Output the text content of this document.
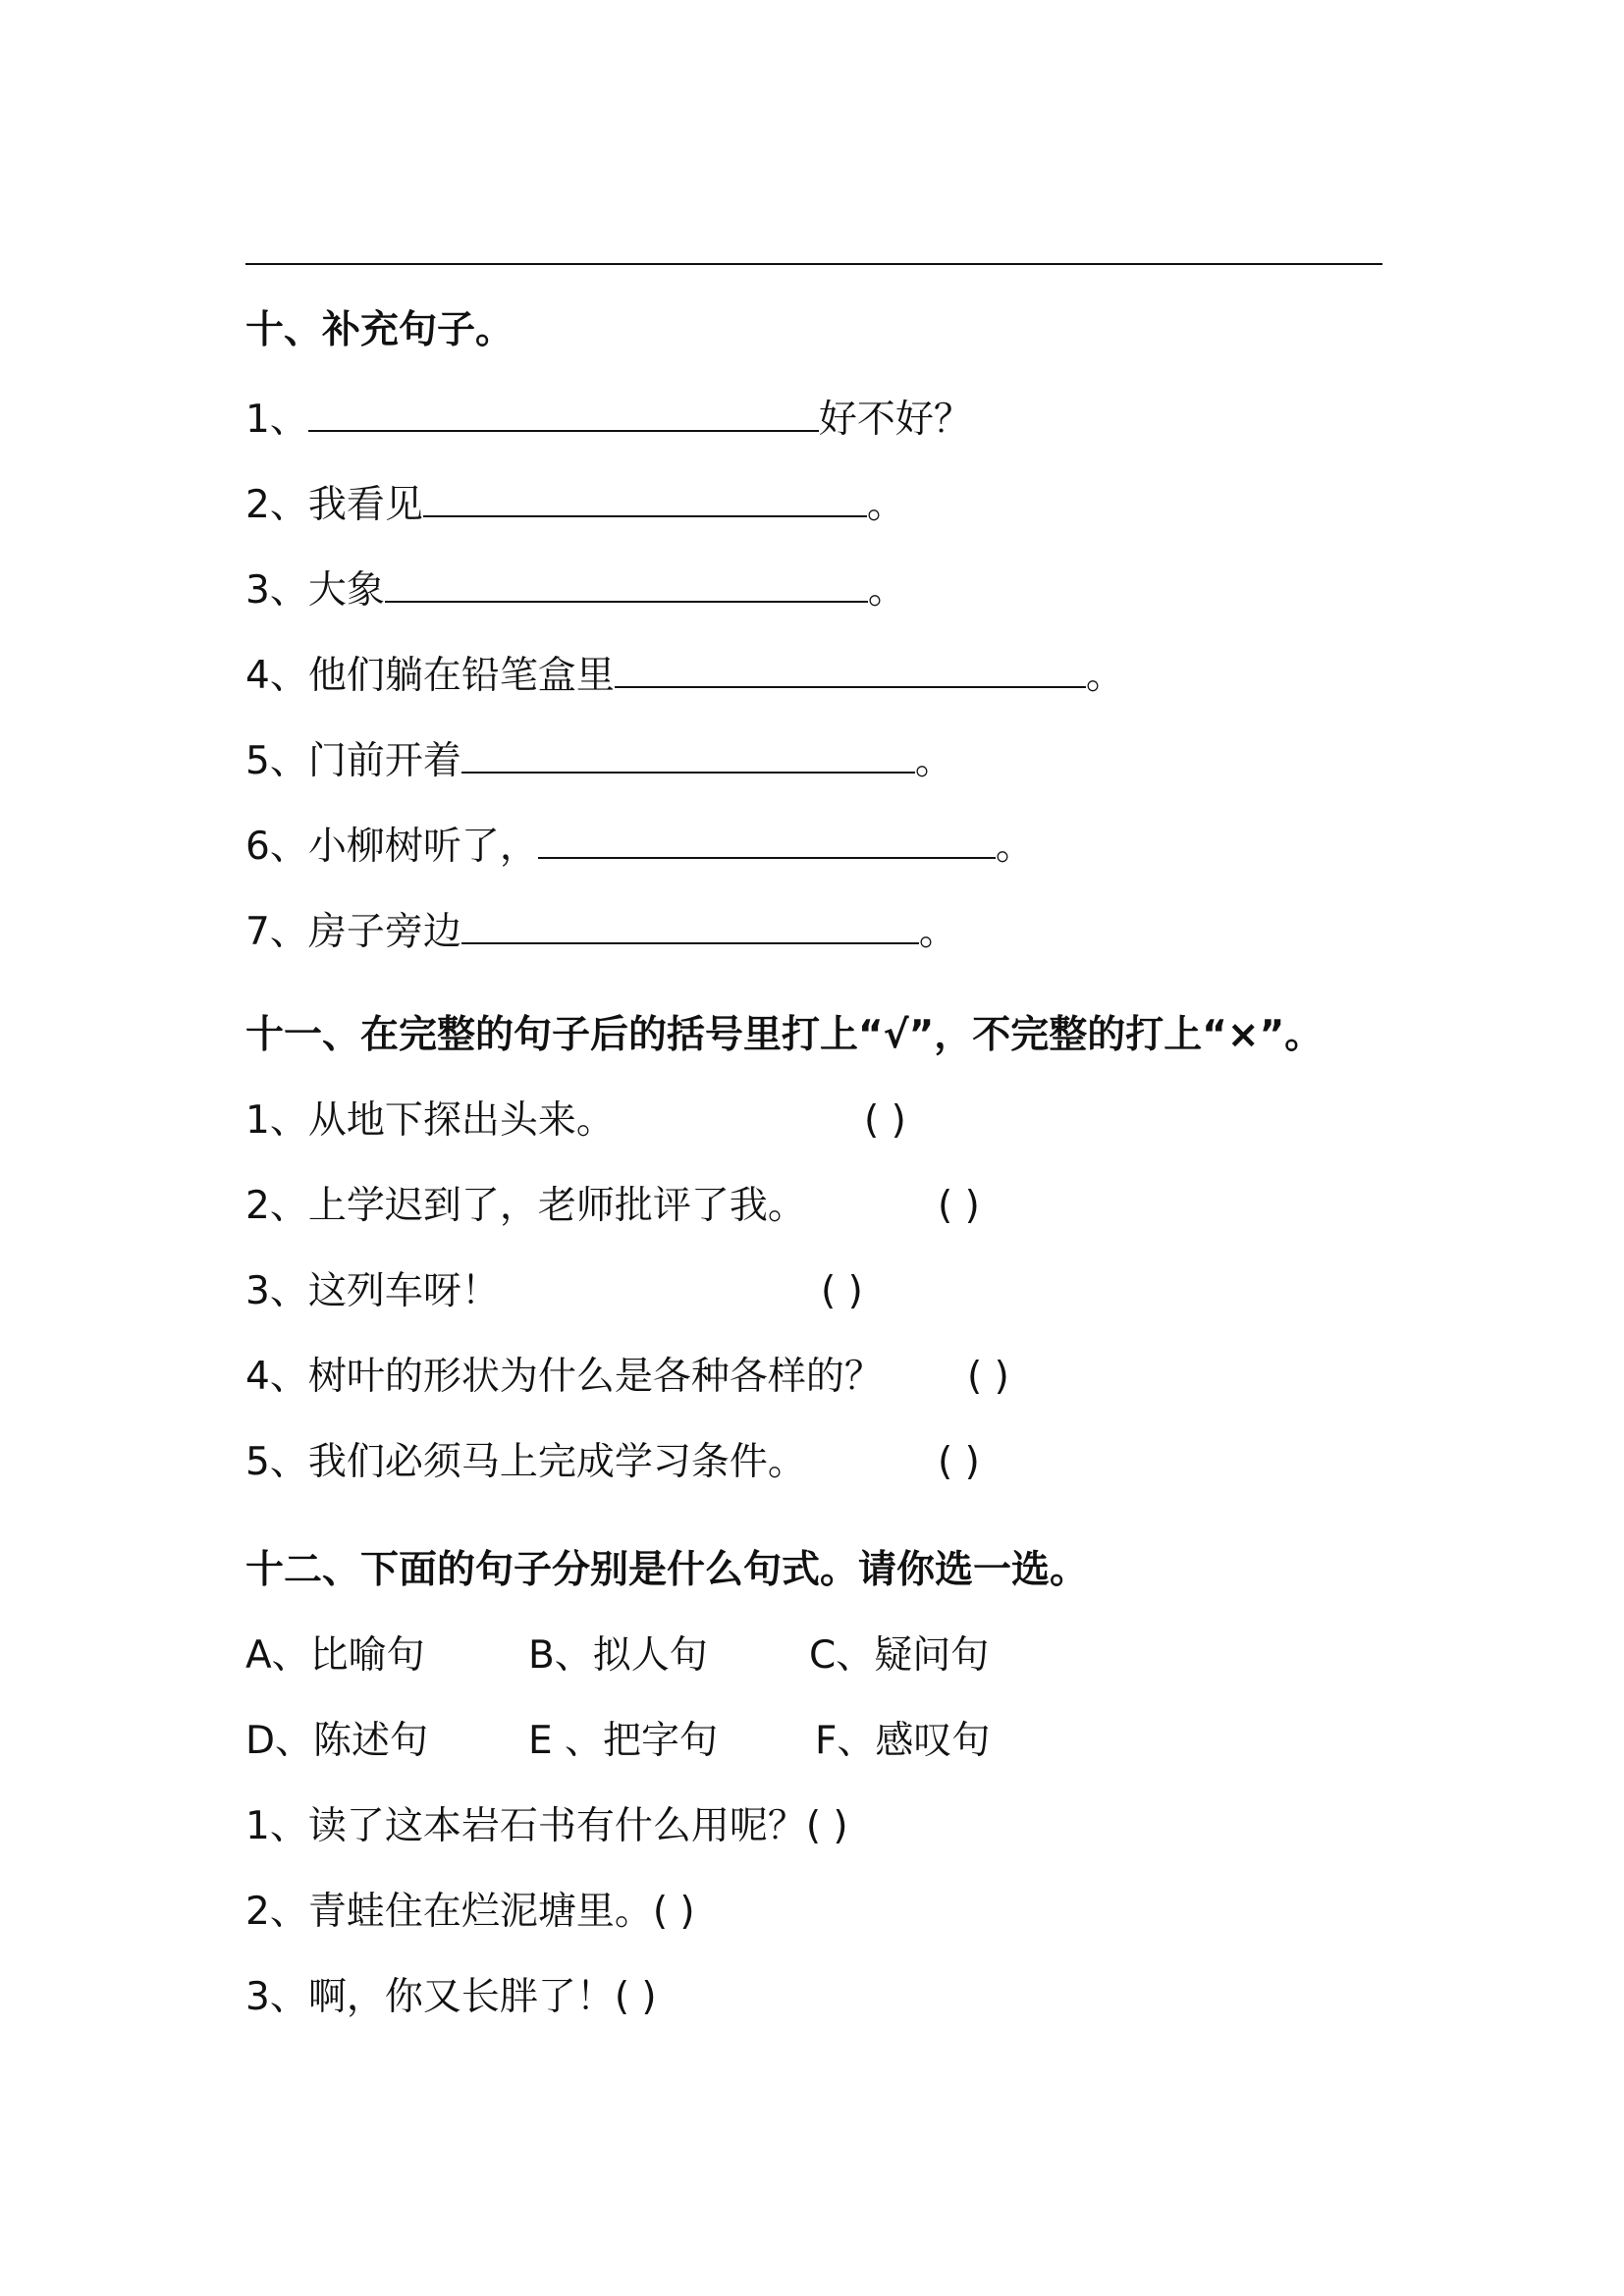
十、补充句子。
1、	好不好？
2、我看见	。
3、大象	。
4、他们躺在铅笔盒里	。
5、门前开着	。
6、小柳树听了，	。
7、房子旁边	。
十一、在完整的句子后的括号里打上“√”，不完整的打上“×”。
1、从地下探出头来。	( )
2、上学迟到了，老师批评了我。	( )
3、这列车呀！	( )
4、树叶的形状为什么是各种各样的？ ( )
5、我们必须马上完成学习条件。	( )
十二、下面的句子分别是什么句式。请你选一选。
A、比喻句	B、拟人句	C、疑问句
D、陈述句	E 、把字句	F、感叹句
1、读了这本岩石书有什么用呢？( )
2、青蛙住在烂泥塘里。( )
3、啊，你又长胖了！( )
